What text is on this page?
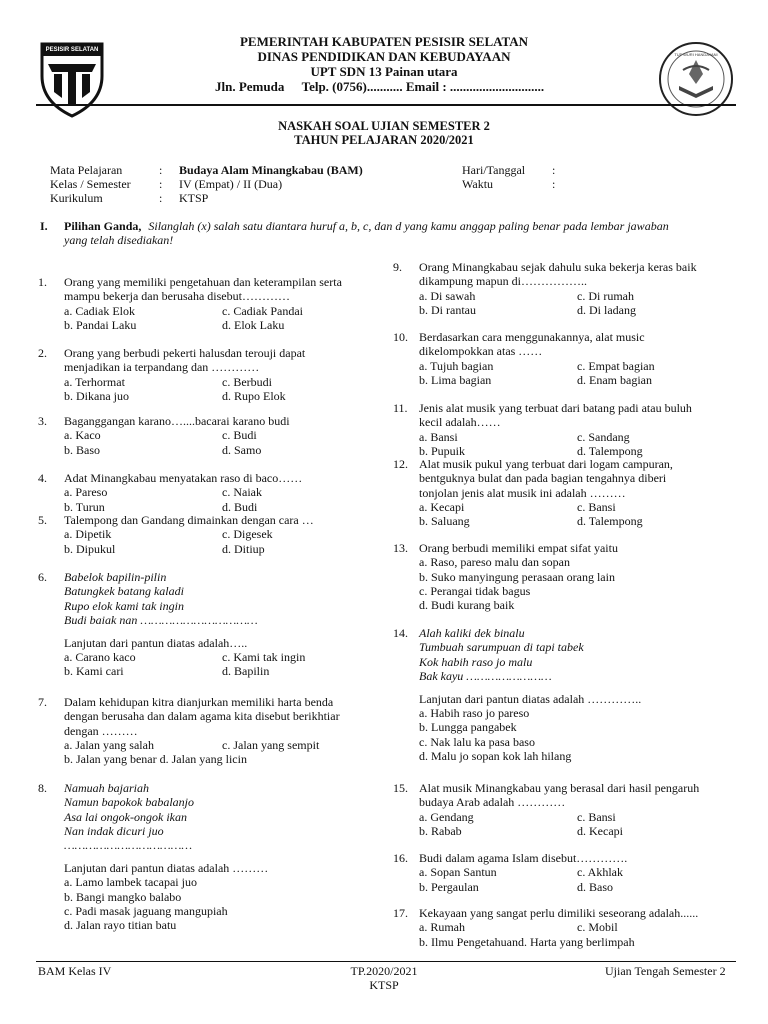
PESISIR SELATAN
TUT WURI HANDAYANI
PEMERINTAH KABUPATEN PESISIR SELATAN
DINAS PENDIDIKAN DAN KEBUDAYAAN
UPT SDN 13 Painan utara
Jln. Pemuda Telp. (0756)........... Email : .............................
NASKAH SOAL UJIAN SEMESTER 2
TAHUN PELAJARAN 2020/2021
Mata Pelajaran	: Budaya Alam Minangkabau (BAM)	Hari/Tanggal :
Kelas / Semester : IV (Empat) / II (Dua)	Waktu	:
Kurikulum	: KTSP
I. Pilihan Ganda, Silanglah (x) salah satu diantara huruf a, b, c, dan d yang kamu anggap paling benar pada lembar jawaban
yang telah disediakan!
1. Orang yang memiliki pengetahuan dan keterampilan serta
mampu bekerja dan berusaha disebut…………
a. Cadiak Elok	c. Cadiak Pandai
b. Pandai Laku	d. Elok Laku
2. Orang yang berbudi pekerti halusdan terouji dapat
menjadikan ia terpandang dan …………
a. Terhormat	c. Berbudi
b. Dikana juo	d. Rupo Elok
3. Baganggangan karano…....bacarai karano budi
a. Kaco	c. Budi
b. Baso	d. Samo
4. Adat Minangkabau menyatakan raso di baco……
a. Pareso	c. Naiak
b. Turun	d. Budi
5. Talempong dan Gandang dimainkan dengan cara …
a. Dipetik	c. Digesek
b. Dipukul	d. Ditiup
6. Babelok bapilin-pilin
Batungkek batang kaladi
Rupo elok kami tak ingin
Budi baiak nan ……………………………
Lanjutan dari pantun diatas adalah…..
a. Carano kaco	c. Kami tak ingin
b. Kami cari	d. Bapilin
7. Dalam kehidupan kitra dianjurkan memiliki harta benda
dengan berusaha dan dalam agama kita disebut berikhtiar
dengan ………
a. Jalan yang salah	c. Jalan yang sempit
b. Jalan yang benar d. Jalan yang licin
8. Namuah bajariah
Namun bapokok babalanjo
Asa lai ongok-ongok ikan
Nan indak dicuri juo
………………………………
Lanjutan dari pantun diatas adalah ………
a. Lamo lambek tacapai juo
b. Bangi mangko balabo
c. Padi masak jaguang mangupiah
d. Jalan rayo titian batu
9. Orang Minangkabau sejak dahulu suka bekerja keras baik
dikampung mapun di……………..
a. Di sawah	c. Di rumah
b. Di rantau	d. Di ladang
10. Berdasarkan cara menggunakannya, alat music
dikelompokkan atas ……
a. Tujuh bagian	c. Empat bagian
b. Lima bagian	d. Enam bagian
11. Jenis alat musik yang terbuat dari batang padi atau buluh
kecil adalah……
a. Bansi	c. Sandang
b. Pupuik	d. Talempong
12. Alat musik pukul yang terbuat dari logam campuran,
bentguknya bulat dan pada bagian tengahnya diberi
tonjolan jenis alat musik ini adalah ………
a. Kecapi	c. Bansi
b. Saluang	d. Talempong
13. Orang berbudi memiliki empat sifat yaitu
a. Raso, pareso malu dan sopan
b. Suko manyingung perasaan orang lain
c. Perangai tidak bagus
d. Budi kurang baik
14. Alah kaliki dek binalu
Tumbuah sarumpuan di tapi tabek
Kok habih raso jo malu
Bak kayu ……………………
Lanjutan dari pantun diatas adalah …………..
a. Habih raso jo pareso
b. Lungga pangabek
c. Nak lalu ka pasa baso
d. Malu jo sopan kok lah hilang
15. Alat musik Minangkabau yang berasal dari hasil pengaruh
budaya Arab adalah …………
a. Gendang	c. Bansi
b. Rabab	d. Kecapi
16. Budi dalam agama Islam disebut………….
a. Sopan Santun	c. Akhlak
b. Pergaulan	d. Baso
17. Kekayaan yang sangat perlu dimiliki seseorang adalah......
a. Rumah	c. Mobil
b. Ilmu Pengetahuand. Harta yang berlimpah
BAM Kelas IV	TP.2020/2021
KTSP
Ujian Tengah Semester 2
